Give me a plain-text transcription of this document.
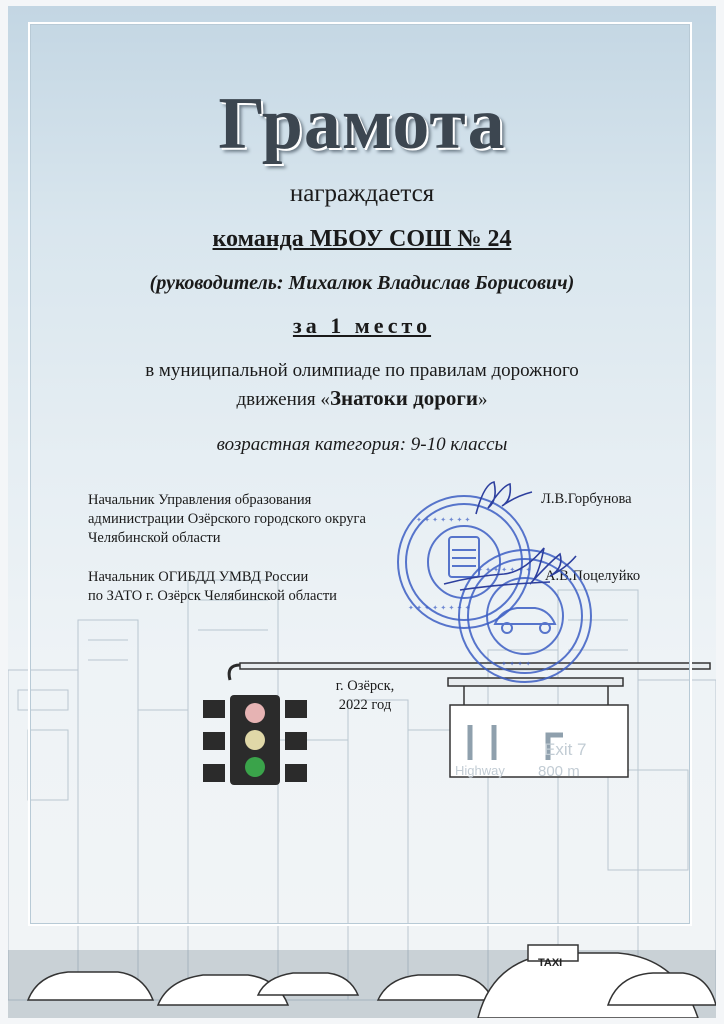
Exit 7
Highway 800 m
TAXI
Грамота
награждается
команда МБОУ СОШ № 24
(руководитель: Михалюк Владислав Борисович)
за 1 место
в муниципальной олимпиаде по правилам дорожного
движения «Знатоки дороги»
возрастная категория: 9-10 классы
Начальник Управления образования
администрации Озёрского городского округа
Челябинской области
Л.В.Горбунова
Начальник ОГИБДД УМВД России
по ЗАТО г. Озёрск Челябинской области
А.В.Поцелуйко
г. Озёрск,
2022 год
✦ ✦ ✦ ✦ ✦ ✦ ✦
✦ ✦ ✦ ✦ ✦ ✦ ✦ ✦
✦ ✦ ✦ ✦ ✦ ✦ ✦
✦ ✦ ✦ ✦
